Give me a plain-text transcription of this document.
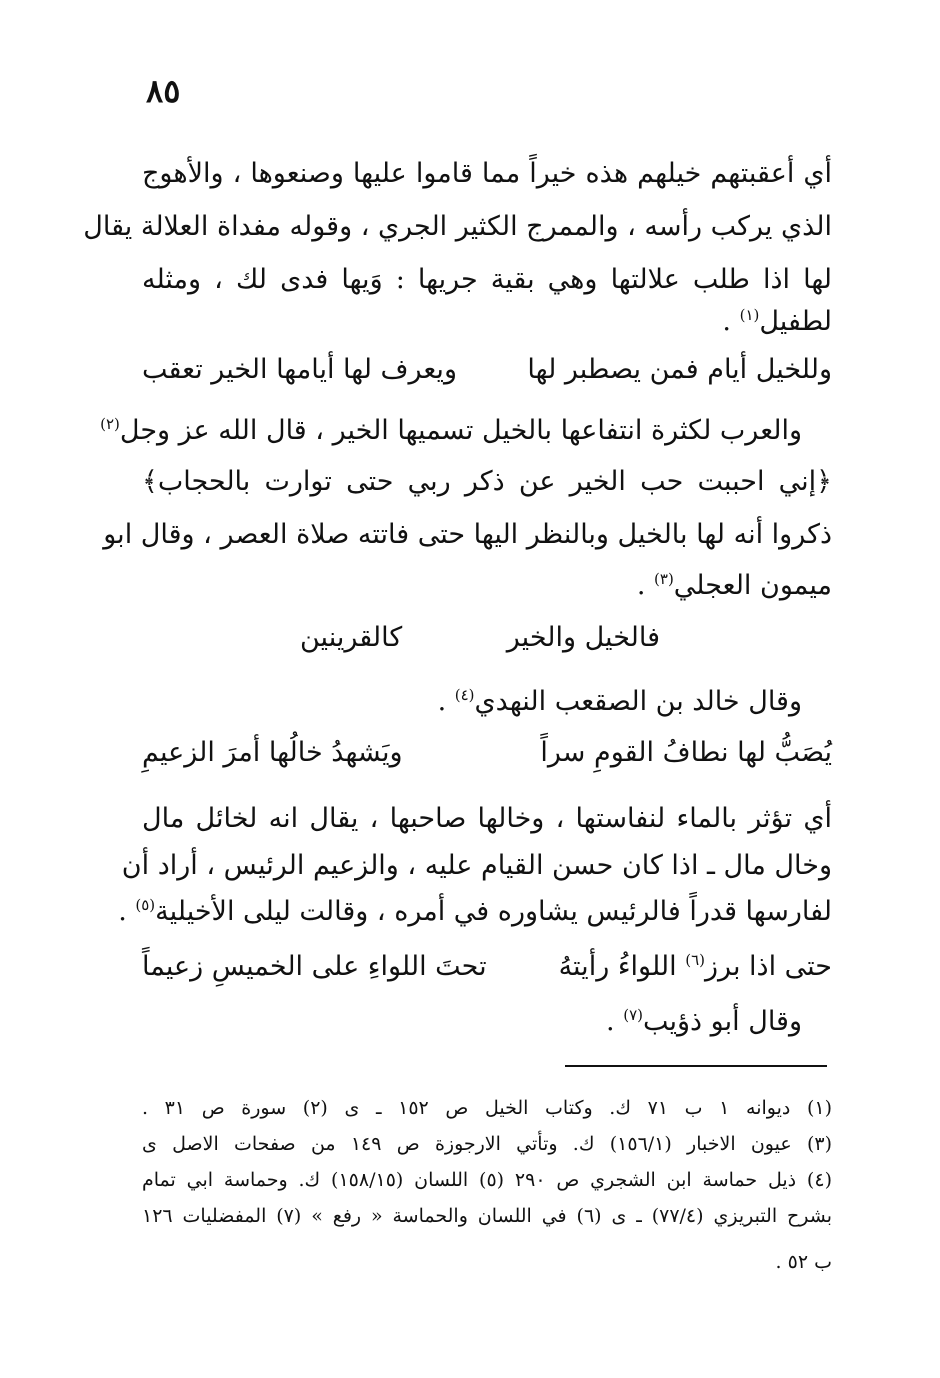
٨٥
أي أعقبتهم خيلهم هذه خيراً مما قاموا عليها وصنعوها ، والأهوج
الذي يركب رأسه ، والممرج الكثير الجري ، وقوله مفداة العلالة يقال
لها اذا طلب علالتها وهي بقية جريها : وَيها فدى لك ، ومثله
لطفيل$^{(١)}$ .
وللخيل أيام فمن يصطبر لها
ويعرف لها أيامها الخير تعقب
والعرب لكثرة انتفاعها بالخيل تسميها الخير ، قال الله عز وجل$^{(٢)}$
﴿إني احببت حب الخير عن ذكر ربي حتى توارت بالحجاب﴾
ذكروا أنه لها بالخيل وبالنظر اليها حتى فاتته صلاة العصر ، وقال ابو
ميمون العجلي$^{(٣)}$ .
فالخيل والخير
كالقرينين
وقال خالد بن الصقعب النهدي$^{(٤)}$ .
يُصَبُّ لها نطافُ القومِ سراً
ويَشهدُ خالُها أمرَ الزعيمِ
أي تؤثر بالماء لنفاستها ، وخالها صاحبها ، يقال انه لخائل مال
وخال مال ـ اذا كان حسن القيام عليه ، والزعيم الرئيس ، أراد أن
لفارسها قدراً فالرئيس يشاوره في أمره ، وقالت ليلى الأخيلية$^{(٥)}$ .
حتى اذا برز$^{(٦)}$ اللواءُ رأيتهُ
تحتَ اللواءِ على الخميسِ زعيماً
وقال أبو ذؤيب$^{(٧)}$ .
(١) ديوانه ١ ب ٧١ ك. وكتاب الخيل ص ١٥٢ ـ ى (٢) سورة ص ٣١ .
(٣) عيون الاخبار (١٥٦/١) ك. وتأتي الارجوزة ص ١٤٩ من صفحات الاصل ى
(٤) ذيل حماسة ابن الشجري ص ٢٩٠ (٥) اللسان (١٥٨/١٥) ك. وحماسة ابي تمام
بشرح التبريزي (٧٧/٤) ـ ى (٦) في اللسان والحماسة « رفع » (٧) المفضليات ١٢٦
ب ٥٢ .
